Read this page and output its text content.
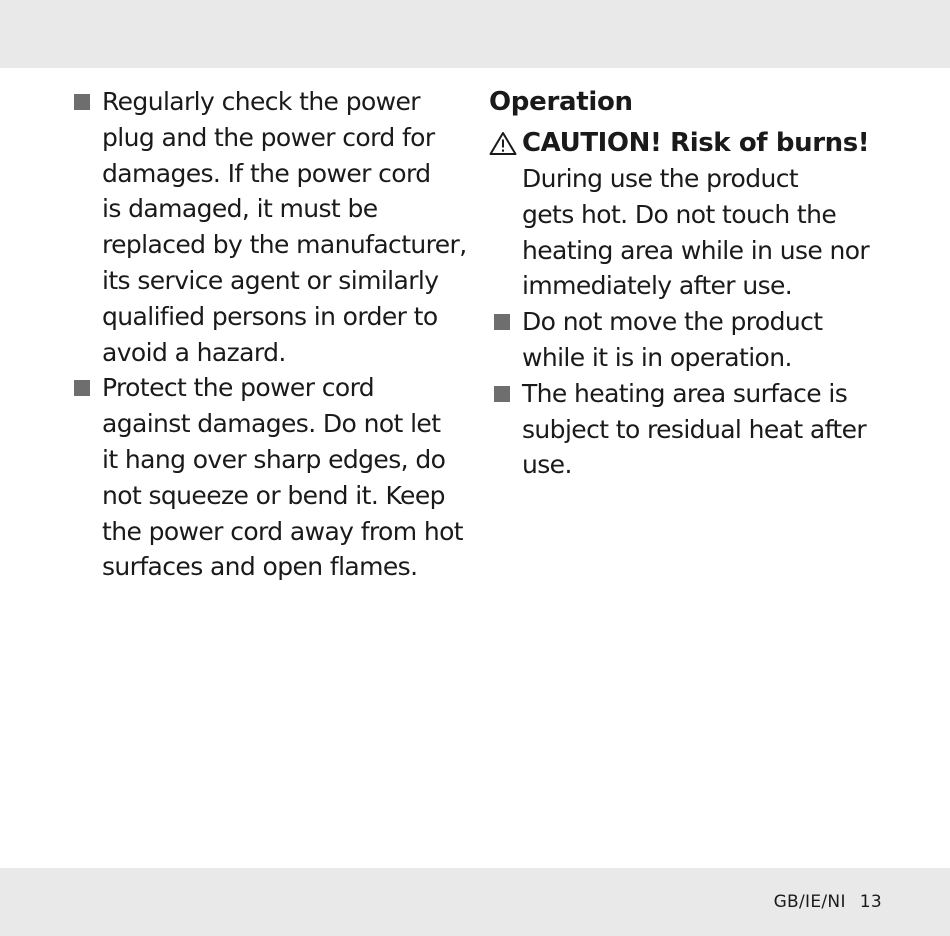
Regularly check the power
plug and the power cord for
damages. If the power cord
is damaged, it must be
replaced by the manufacturer,
its service agent or similarly
qualified persons in order to
avoid a hazard.

Protect the power cord
against damages. Do not let
it hang over sharp edges, do
not squeeze or bend it. Keep
the power cord away from hot
surfaces and open flames.

Operation
CAUTION! Risk of burns!

During use the product
gets hot. Do not touch the
heating area while in use nor
immediately after use.

Do not move the product
while it is in operation.

The heating area surface is
subject to residual heat after
use.

GB/IE/NI 13
